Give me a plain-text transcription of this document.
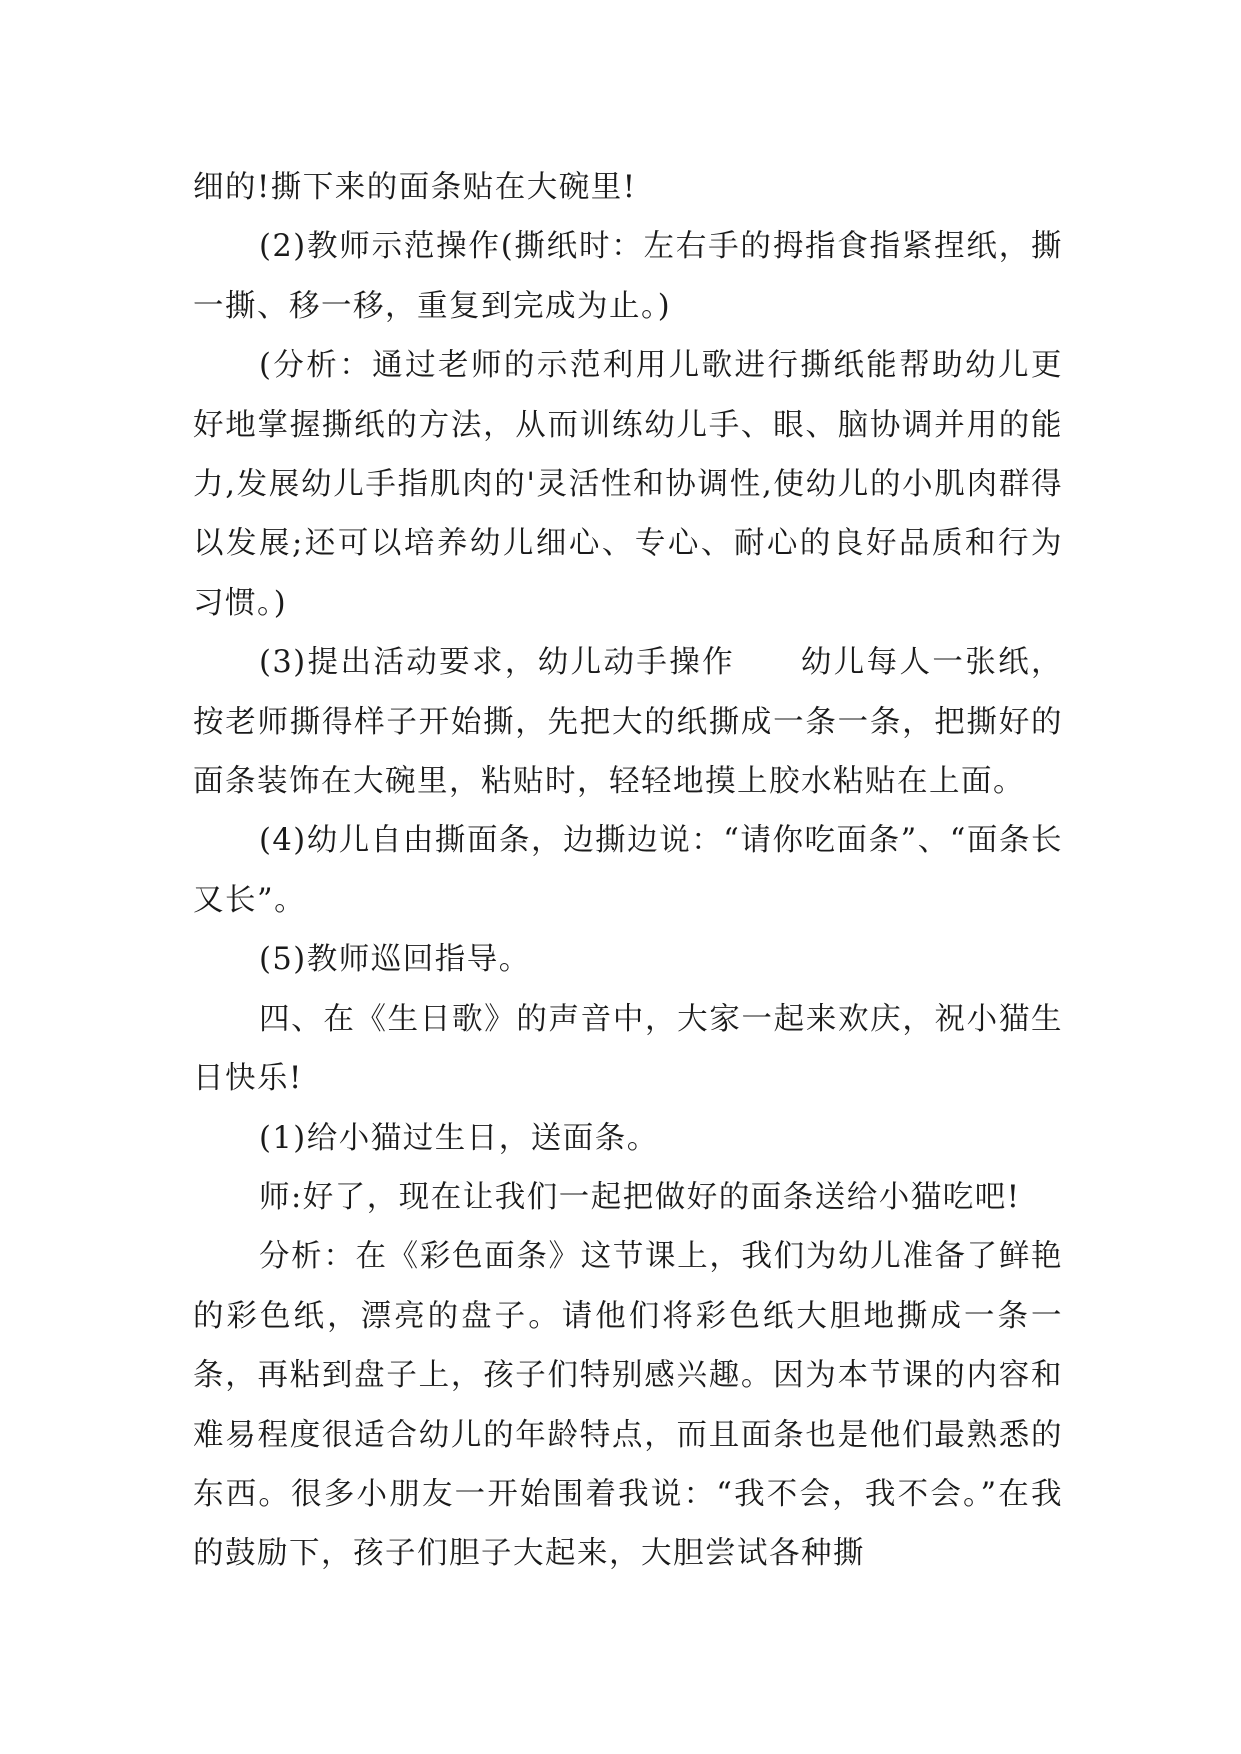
细的!撕下来的面条贴在大碗里!

(2)教师示范操作(撕纸时：左右手的拇指食指紧捏纸，撕一撕、移一移，重复到完成为止。)

(分析：通过老师的示范利用儿歌进行撕纸能帮助幼儿更好地掌握撕纸的方法，从而训练幼儿手、眼、脑协调并用的能力,发展幼儿手指肌肉的'灵活性和协调性,使幼儿的小肌肉群得以发展;还可以培养幼儿细心、专心、耐心的良好品质和行为习惯。)

(3)提出活动要求，幼儿动手操作　　幼儿每人一张纸，按老师撕得样子开始撕，先把大的纸撕成一条一条，把撕好的面条装饰在大碗里，粘贴时，轻轻地摸上胶水粘贴在上面。

(4)幼儿自由撕面条，边撕边说：“请你吃面条”、“面条长又长”。

(5)教师巡回指导。

四、在《生日歌》的声音中，大家一起来欢庆，祝小猫生日快乐!

(1)给小猫过生日，送面条。

师:好了，现在让我们一起把做好的面条送给小猫吃吧!

分析：在《彩色面条》这节课上，我们为幼儿准备了鲜艳的彩色纸，漂亮的盘子。请他们将彩色纸大胆地撕成一条一条，再粘到盘子上，孩子们特别感兴趣。因为本节课的内容和难易程度很适合幼儿的年龄特点，而且面条也是他们最熟悉的东西。很多小朋友一开始围着我说：“我不会，我不会。”在我的鼓励下，孩子们胆子大起来，大胆尝试各种撕
